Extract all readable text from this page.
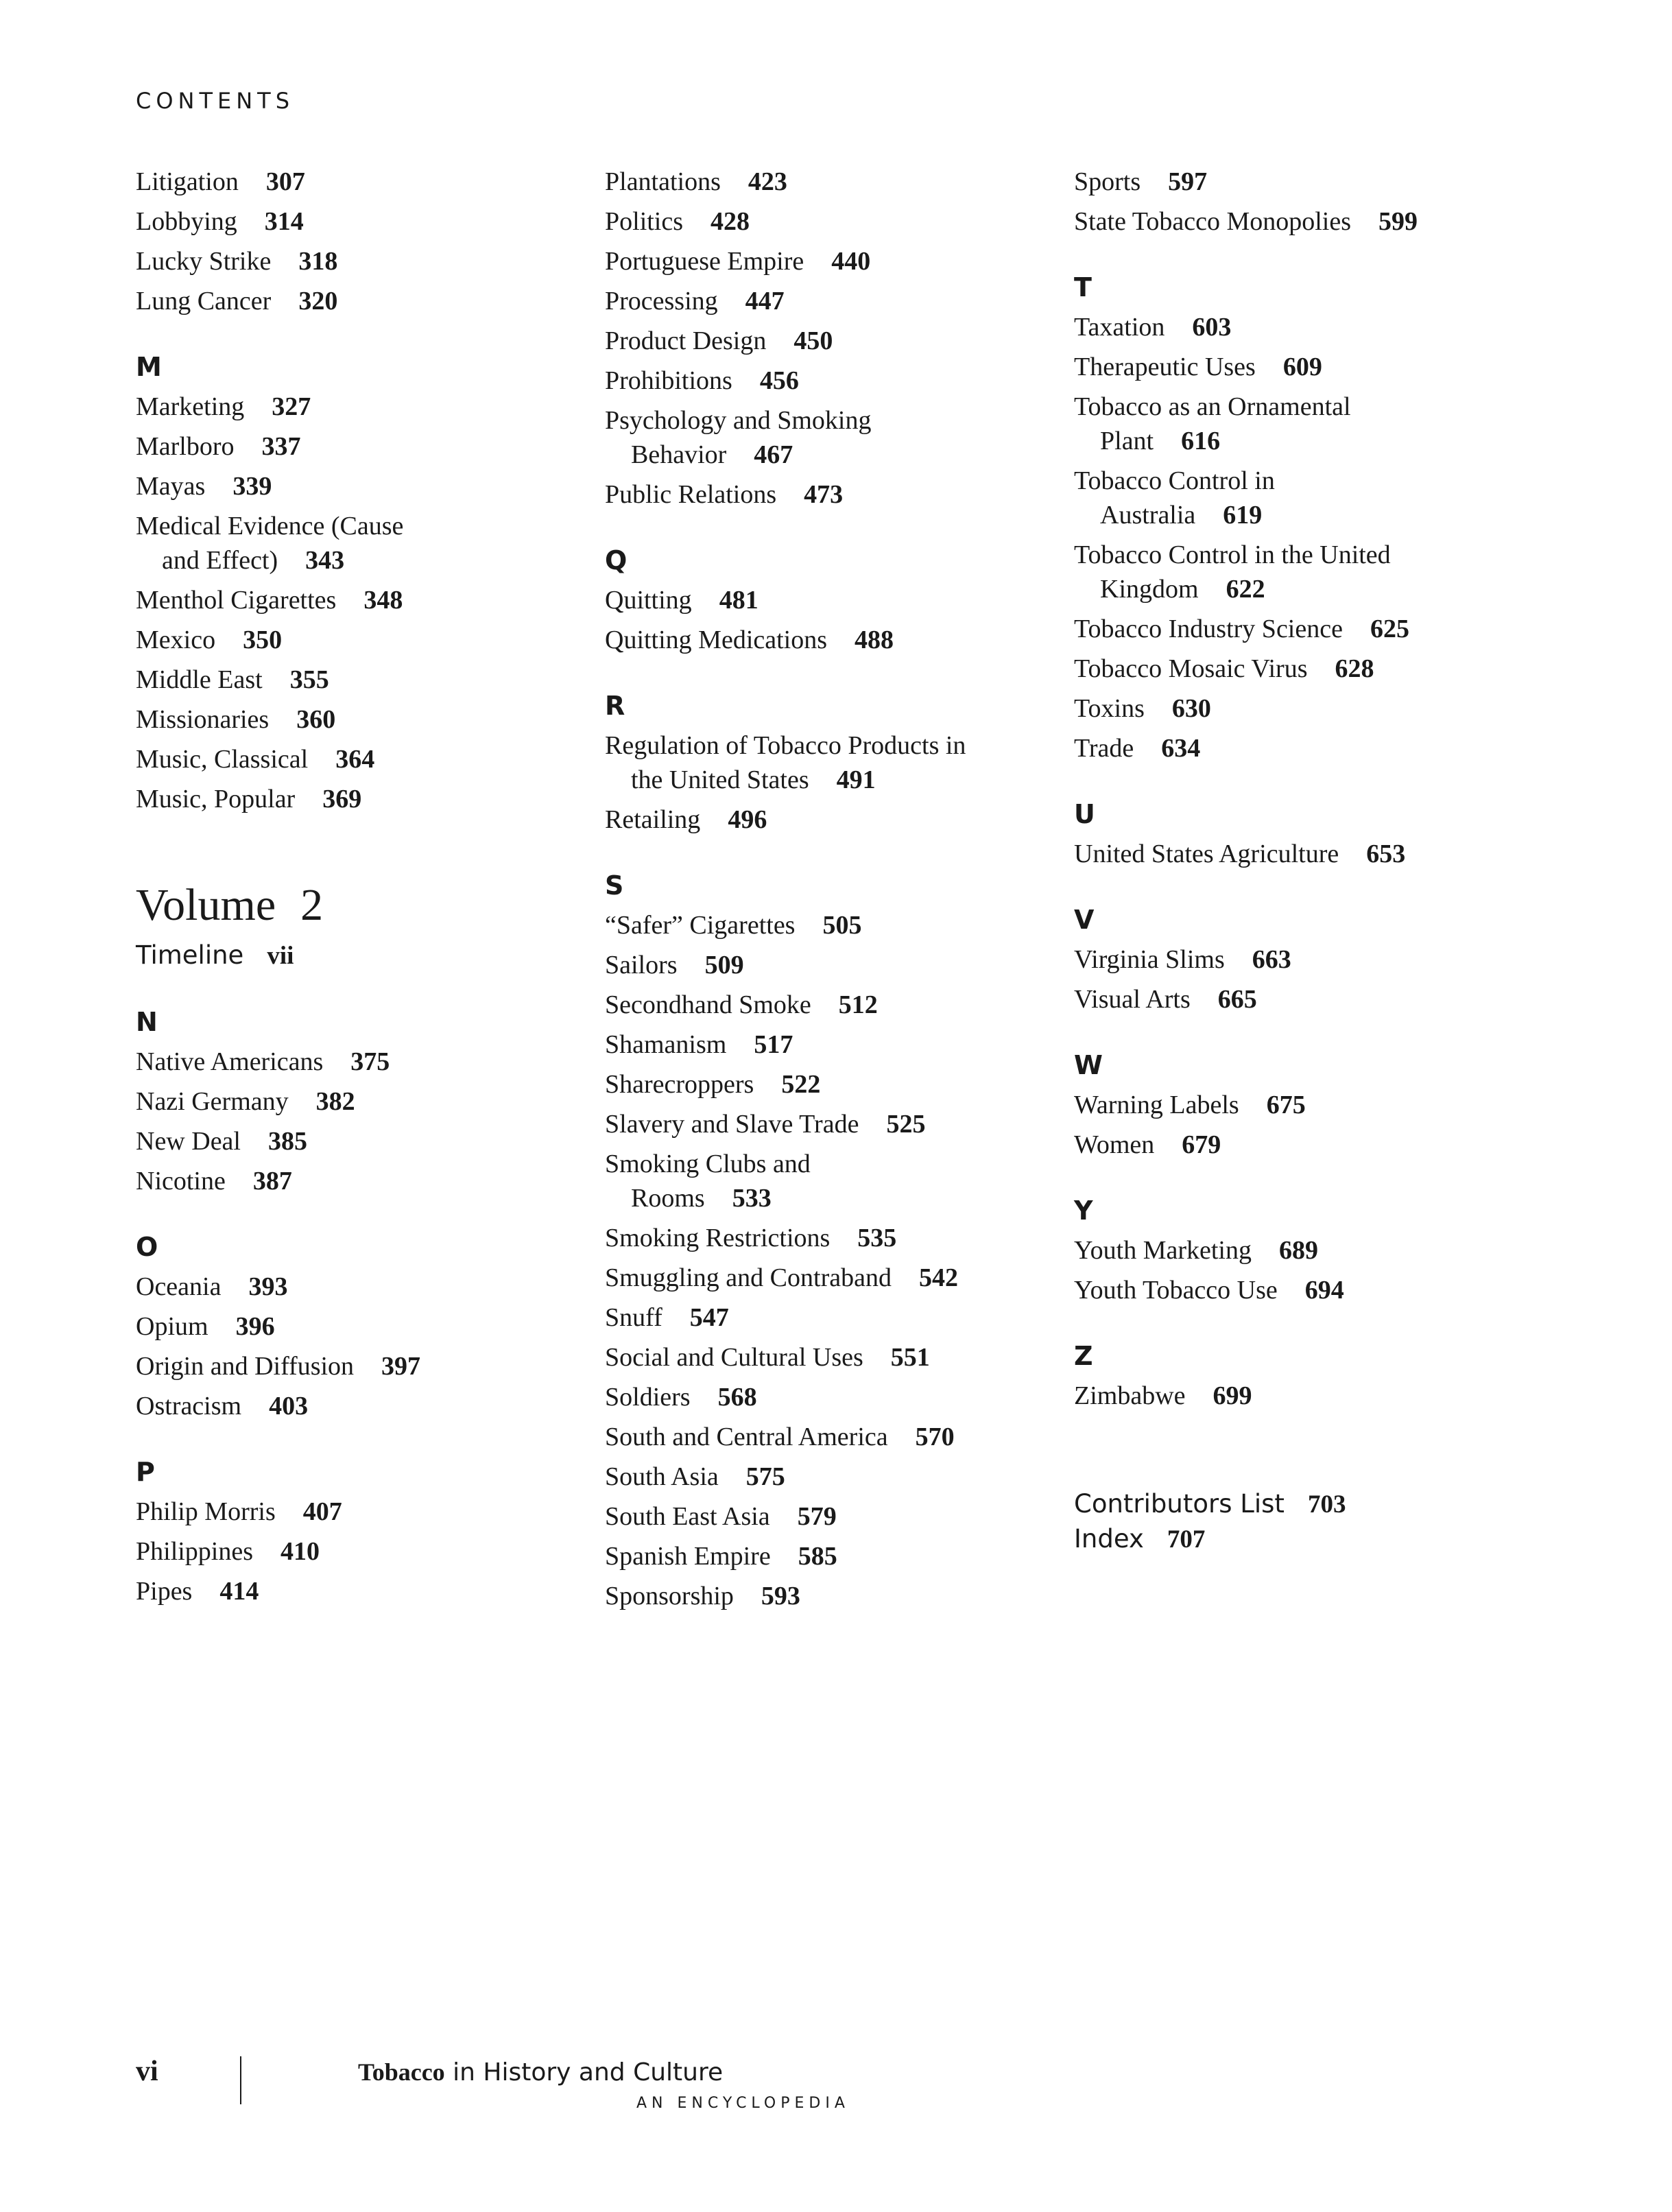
CONTENTS
Litigation 307
Lobbying 314
Lucky Strike 318
Lung Cancer 320
M
Marketing 327
Marlboro 337
Mayas 339
Medical Evidence (Cause
and Effect) 343
Menthol Cigarettes 348
Mexico 350
Middle East 355
Missionaries 360
Music, Classical 364
Music, Popular 369
Volume 2
Timeline vii
N
Native Americans 375
Nazi Germany 382
New Deal 385
Nicotine 387
O
Oceania 393
Opium 396
Origin and Diffusion 397
Ostracism 403
P
Philip Morris 407
Philippines 410
Pipes 414
Plantations 423
Politics 428
Portuguese Empire 440
Processing 447
Product Design 450
Prohibitions 456
Psychology and Smoking
Behavior 467
Public Relations 473
Q
Quitting 481
Quitting Medications 488
R
Regulation of Tobacco Products in
the United States 491
Retailing 496
S
“Safer” Cigarettes 505
Sailors 509
Secondhand Smoke 512
Shamanism 517
Sharecroppers 522
Slavery and Slave Trade 525
Smoking Clubs and
Rooms 533
Smoking Restrictions 535
Smuggling and Contraband 542
Snuff 547
Social and Cultural Uses 551
Soldiers 568
South and Central America 570
South Asia 575
South East Asia 579
Spanish Empire 585
Sponsorship 593
Sports 597
State Tobacco Monopolies 599
T
Taxation 603
Therapeutic Uses 609
Tobacco as an Ornamental
Plant 616
Tobacco Control in
Australia 619
Tobacco Control in the United
Kingdom 622
Tobacco Industry Science 625
Tobacco Mosaic Virus 628
Toxins 630
Trade 634
U
United States Agriculture 653
V
Virginia Slims 663
Visual Arts 665
W
Warning Labels 675
Women 679
Y
Youth Marketing 689
Youth Tobacco Use 694
Z
Zimbabwe 699
Contributors List 703
Index 707
vi	Tobacco in History and Culture
AN ENCYCLOPEDIA
